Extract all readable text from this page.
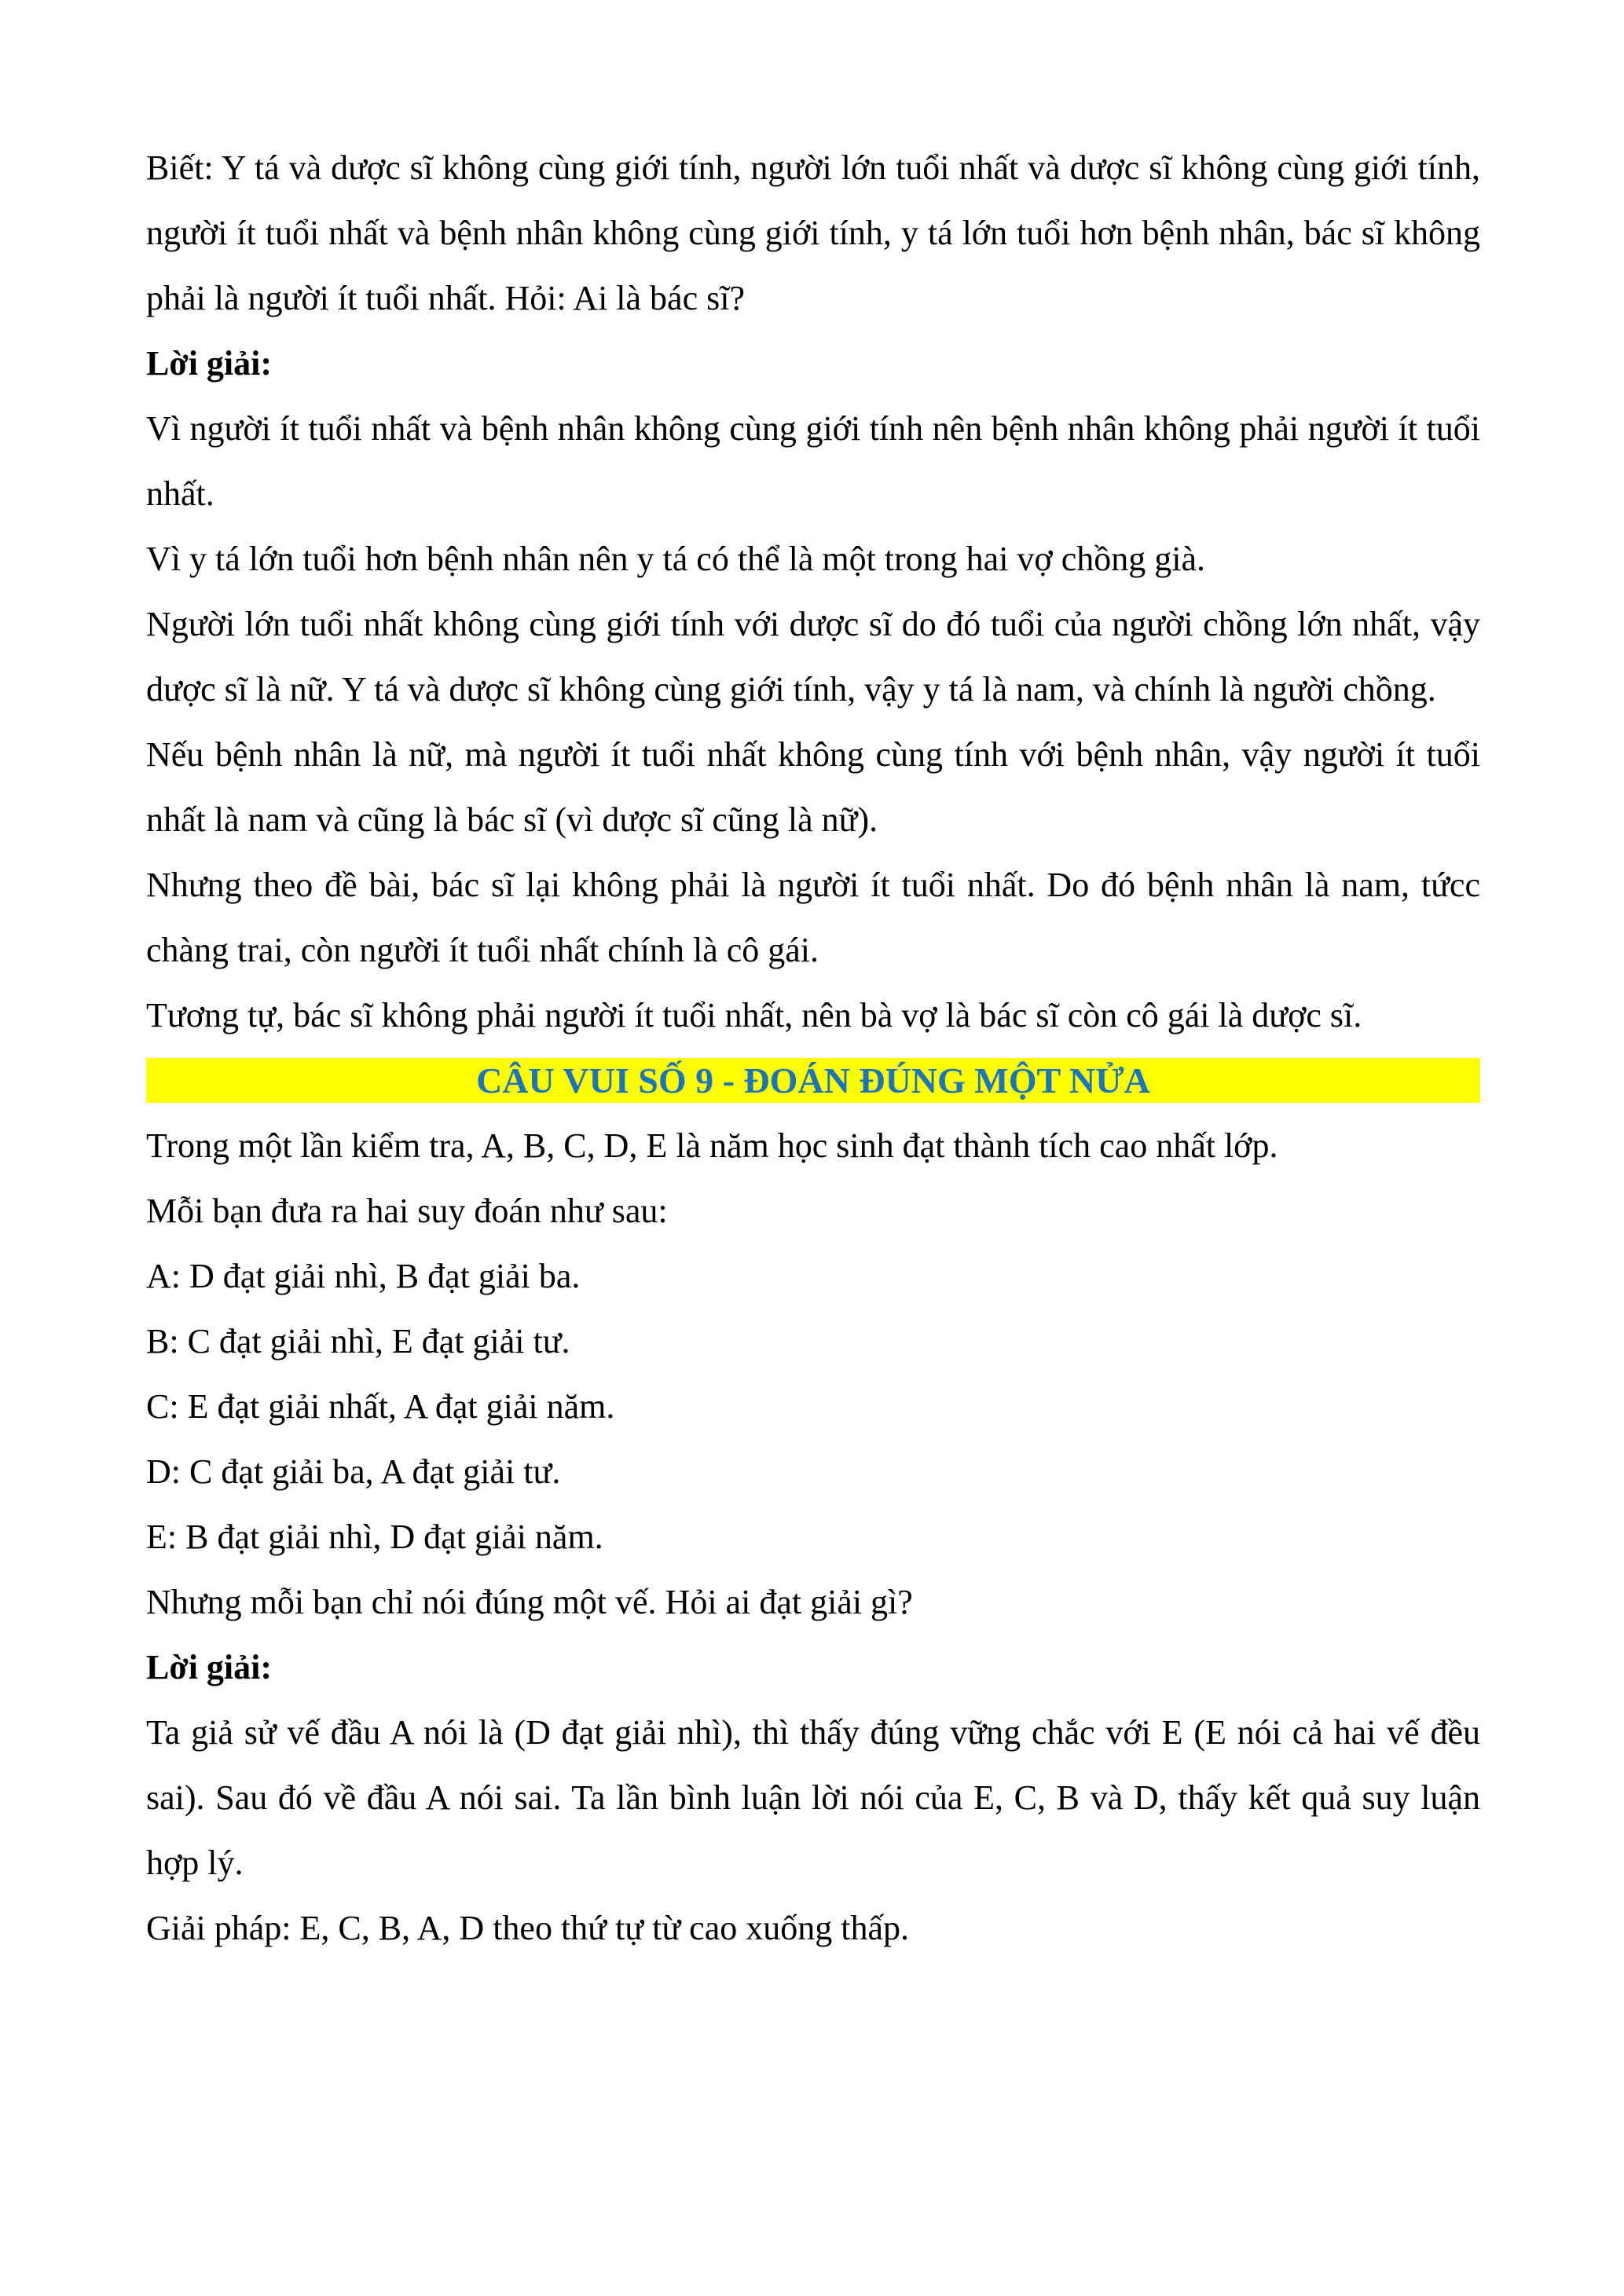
Biết: Y tá và dược sĩ không cùng giới tính, người lớn tuổi nhất và dược sĩ không cùng giới tính, người ít tuổi nhất và bệnh nhân không cùng giới tính, y tá lớn tuổi hơn bệnh nhân, bác sĩ không phải là người ít tuổi nhất. Hỏi: Ai là bác sĩ?
Lời giải:
Vì người ít tuổi nhất và bệnh nhân không cùng giới tính nên bệnh nhân không phải người ít tuổi nhất.
Vì y tá lớn tuổi hơn bệnh nhân nên y tá có thể là một trong hai vợ chồng già.
Người lớn tuổi nhất không cùng giới tính với dược sĩ do đó tuổi của người chồng lớn nhất, vậy dược sĩ là nữ. Y tá và dược sĩ không cùng giới tính, vậy y tá là nam, và chính là người chồng.
Nếu bệnh nhân là nữ, mà người ít tuổi nhất không cùng tính với bệnh nhân, vậy người ít tuổi nhất là nam và cũng là bác sĩ (vì dược sĩ cũng là nữ).
Nhưng theo đề bài, bác sĩ lại không phải là người ít tuổi nhất. Do đó bệnh nhân là nam, tứcc chàng trai, còn người ít tuổi nhất chính là cô gái.
Tương tự, bác sĩ không phải người ít tuổi nhất, nên bà vợ là bác sĩ còn cô gái là dược sĩ.
CÂU VUI SỐ 9 - ĐOÁN ĐÚNG MỘT NỬA
Trong một lần kiểm tra, A, B, C, D, E là năm học sinh đạt thành tích cao nhất lớp.
Mỗi bạn đưa ra hai suy đoán như sau:
A: D đạt giải nhì, B đạt giải ba.
B: C đạt giải nhì, E đạt giải tư.
C: E đạt giải nhất, A đạt giải năm.
D: C đạt giải ba, A đạt giải tư.
E: B đạt giải nhì, D đạt giải năm.
Nhưng mỗi bạn chỉ nói đúng một vế. Hỏi ai đạt giải gì?
Lời giải:
Ta giả sử vế đầu A nói là (D đạt giải nhì), thì thấy đúng vững chắc với E (E nói cả hai vế đều sai). Sau đó về đầu A nói sai. Ta lần bình luận lời nói của E, C, B và D, thấy kết quả suy luận hợp lý.
Giải pháp: E, C, B, A, D theo thứ tự từ cao xuống thấp.
